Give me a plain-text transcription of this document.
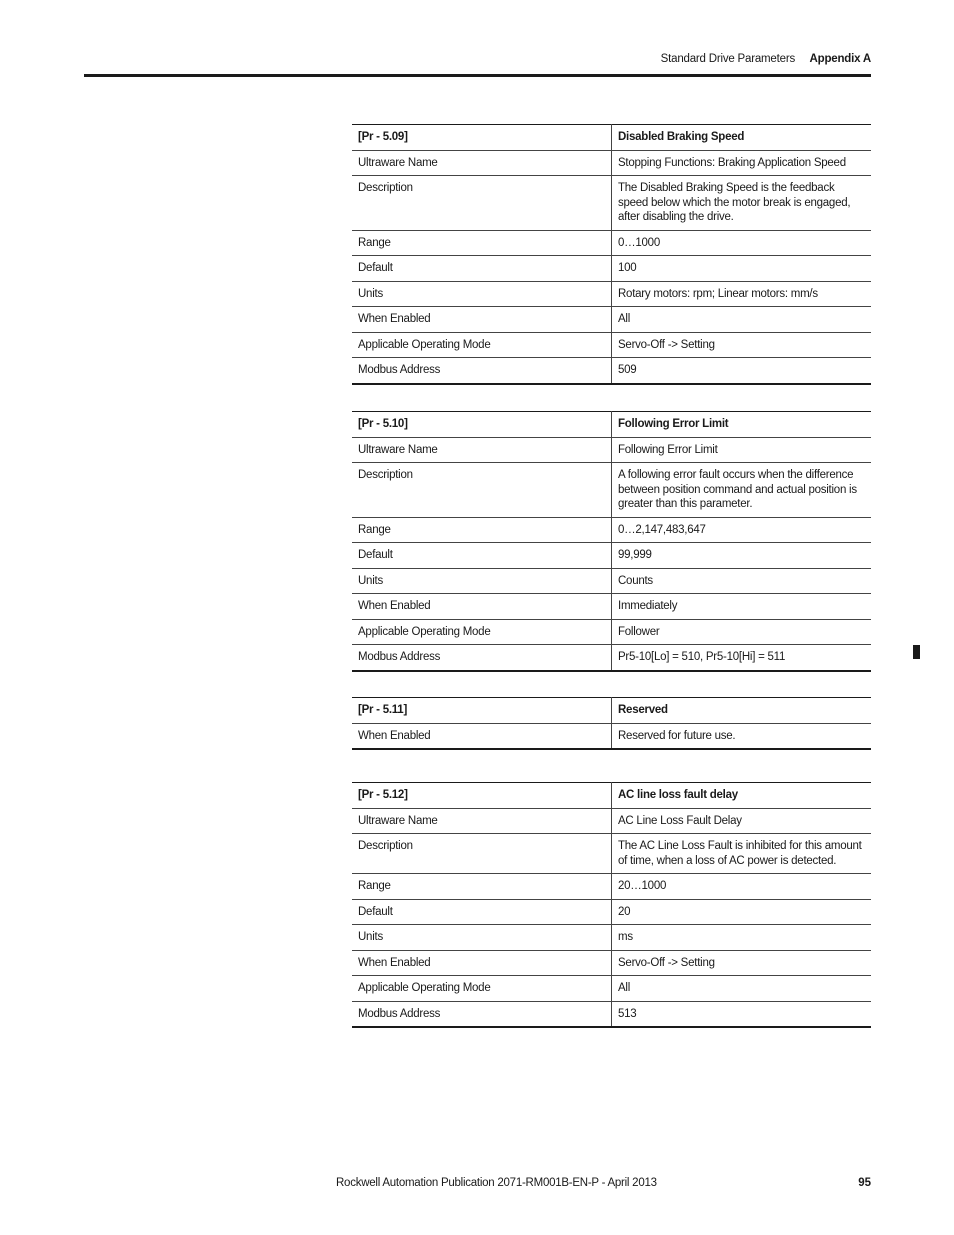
Standard Drive Parameters Appendix A
[Pr - 5.09]	Disabled Braking Speed
Ultraware Name	Stopping Functions: Braking Application Speed
Description	The Disabled Braking Speed is the feedback speed below which the motor break is engaged, after disabling the drive.
Range	0…1000
Default	100
Units	Rotary motors: rpm; Linear motors: mm/s
When Enabled	All
Applicable Operating Mode	Servo-Off -> Setting
Modbus Address	509
[Pr - 5.10]	Following Error Limit
Ultraware Name	Following Error Limit
Description	A following error fault occurs when the difference between position command and actual position is greater than this parameter.
Range	0…2,147,483,647
Default	99,999
Units	Counts
When Enabled	Immediately
Applicable Operating Mode	Follower
Modbus Address	Pr5-10[Lo] = 510, Pr5-10[Hi] = 511
[Pr - 5.11]	Reserved
When Enabled	Reserved for future use.
[Pr - 5.12]	AC line loss fault delay
Ultraware Name	AC Line Loss Fault Delay
Description	The AC Line Loss Fault is inhibited for this amount of time, when a loss of AC power is detected.
Range	20…1000
Default	20
Units	ms
When Enabled	Servo-Off -> Setting
Applicable Operating Mode	All
Modbus Address	513
Rockwell Automation Publication 2071-RM001B-EN-P - April 2013	95
